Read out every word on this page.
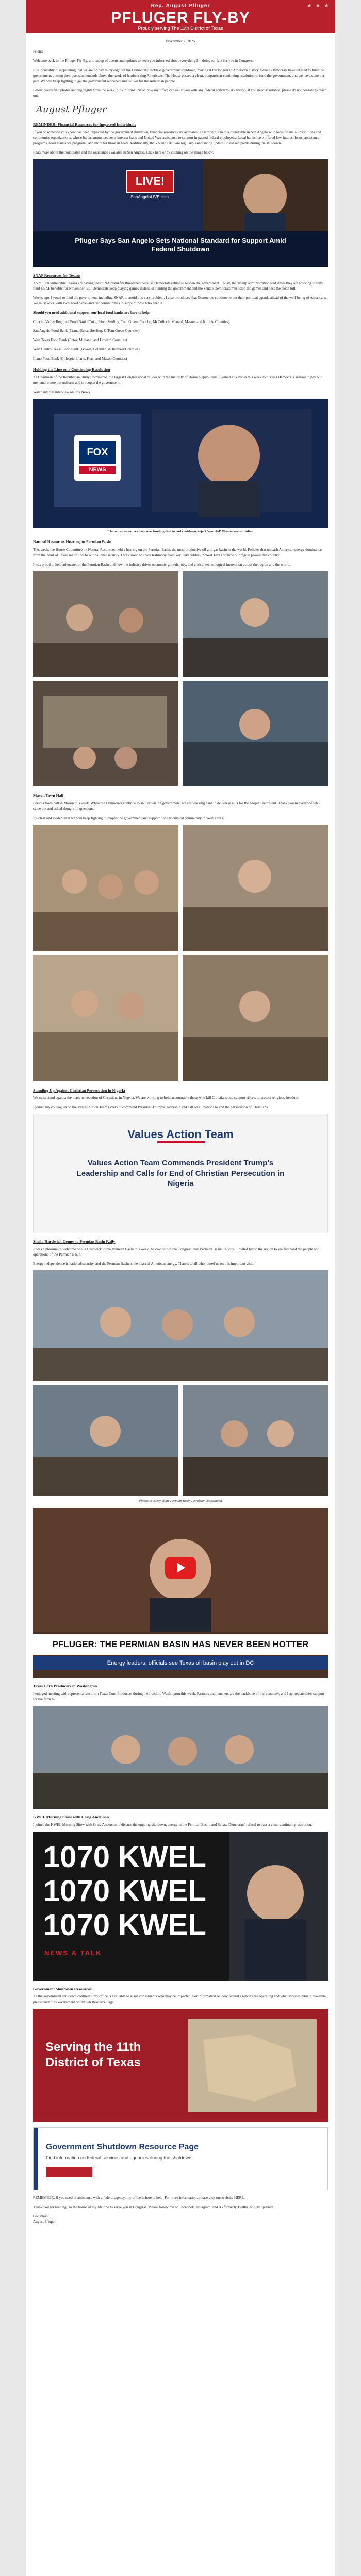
★ ★ ★
Rep. August Pfluger
PFLUGER FLY-BY
Proudly serving The 11th District of Texas
November 7, 2025

Friend,

Welcome back to the Pfluger Fly-By, a roundup of events and updates to keep you informed about everything I'm doing to fight for you in Congress.

It is incredibly disappointing that we are on day thirty-eight of the Democrats' reckless government shutdown, making it the longest in American history. Senate Democrats have refused to fund the government, putting their partisan demands above the needs of hardworking Americans. The House passed a clean, nonpartisan continuing resolution to fund the government, and we have done our part. We will keep fighting to get the government reopened and deliver for the American people.

Below, you'll find photos and highlights from the week, plus information on how my office can assist you with any federal concerns. As always, if you need assistance, please do not hesitate to reach out.

August Pfluger
REMINDER: Financial Resources for Impacted Individuals

If you or someone you know has been impacted by the government shutdown, financial resources are available. Last month, I held a roundtable in San Angelo with local financial institutions and community organizations, whose banks announced zero-interest loans and United Way assistance to support impacted federal employees. Local banks have offered low-interest loans, assistance programs, food assistance programs, and more for those in need. Additionally, the VA and HHS are regularly announcing updates to aid recipients during the shutdown.

Read more about the roundtable and the assistance available in San Angelo. Click here or by clicking on the image below.

LIVE!
SanAngeloLIVE.com
Pfluger Says San Angelo Sets National Standard for Support Amid Federal Shutdown
SNAP Resources for Texans

3.5 million vulnerable Texans are having their SNAP benefits threatened because Democrats refuse to reopen the government. Today, the Trump administration told states they are working to fully fund SNAP benefits for November. But Democrats keep playing games instead of funding the government and the Senate Democrats must stop the games and pass the clean bill.

Weeks ago, I voted to fund the government, including SNAP, to avoid this very problem. I also introduced that Democrats continue to put their political agenda ahead of the well-being of Americans. We must work with local food banks and our communities to support those who need it.

Should you need additional support, our local food banks are here to help:

Concho Valley Regional Food Bank (Coke, Irion, Sterling, Tom Green, Concho, McCulloch, Menard, Mason, and Kimble Counties)

San Angelo Food Bank (Crane, Ector, Sterling, & Tom Green Counties)

West Texas Food Bank (Ector, Midland, and Howard Counties)

West Central Texas Food Bank (Brown, Coleman, & Runnels Counties)

Llano Food Bank (Gillespie, Llano, Kerr, and Mason Counties)

Holding the Line on a Continuing Resolution

As Chairman of the Republican Study Committee, the largest Congressional caucus with the majority of House Republicans, I joined Fox News this week to discuss Democrats' refusal to pay our men and women in uniform and to reopen the government.

Watch my full interview on Fox News.

FOX
NEWS
House conservatives bash new funding deal to end shutdown, reject 'wasteful' Obamacare subsidies
Natural Resources Hearing on Permian Basin

This week, the House Committee on Natural Resources held a hearing on the Permian Basin, the most productive oil and gas basin in the world. Policies that unleash American energy dominance from the heart of Texas are critical to our national security. I was proud to share testimony from key stakeholders in West Texas on how our region powers the country.

I was proud to help advocate for the Permian Basin and how the industry drives economic growth, jobs, and critical technological innovation across the region and the world.

Mason Town Hall

I held a town hall in Mason this week. While the Democrats continue to shut down the government, we are working hard to deliver results for the people I represent. Thank you to everyone who came out and asked thoughtful questions.

It's clear and evident that we will keep fighting to reopen the government and support our agricultural community in West Texas.

Standing Up Against Christian Persecution in Nigeria

We must stand against the mass persecution of Christians in Nigeria. We are working to hold accountable those who kill Christians and support efforts to protect religious freedom.

I joined my colleagues on the Values Action Team (VAT) to commend President Trump's leadership and call on all nations to end the persecution of Christians.

Values Action Team
Values Action Team Commends President Trump's Leadership and Calls for End of Christian Persecution in Nigeria
Sheila Hardwick Comes to Permian Basin Rally

It was a pleasure to welcome Sheila Hardwick to the Permian Basin this week. As co-chair of the Congressional Permian Basin Caucus, I invited her to the region to see firsthand the people and operations of the Permian Basin.

Energy independence is national security, and the Permian Basin is the heart of American energy. Thanks to all who joined us on this important visit.

Photos courtesy of the Permian Basin Petroleum Association
PFLUGER: THE PERMIAN BASIN HAS NEVER BEEN HOTTER
Energy leaders, officials see Texas oil basin play out in DC
Texas Corn Producers in Washington

I enjoyed meeting with representatives from Texas Corn Producers during their visit to Washington this week. Farmers and ranchers are the backbone of our economy, and I appreciate their support for the farm bill.

KWEL Morning Show with Craig Anderson

I joined the KWEL Morning Show with Craig Anderson to discuss the ongoing shutdown, energy in the Permian Basin, and Senate Democrats' refusal to pass a clean continuing resolution.

1070 KWEL
1070 KWEL
1070 KWEL
NEWS & TALK
Government Shutdown Resources

As the government shutdown continues, my office is available to assist constituents who may be impacted. For information on how federal agencies are operating and what services remain available, please visit our Government Shutdown Resource Page.

Serving the 11th District of Texas
Government Shutdown Resource Page
Find information on federal services and agencies during the shutdown

REMEMBER, If you need of assistance with a federal agency, my office is here to help. For more information, please visit our website HERE.

Thank you for reading. To the honor of my lifetime to serve you in Congress. Please follow me on Facebook, Instagram, and X (formerly Twitter) to stay updated.

God bless,

August Pfluger
